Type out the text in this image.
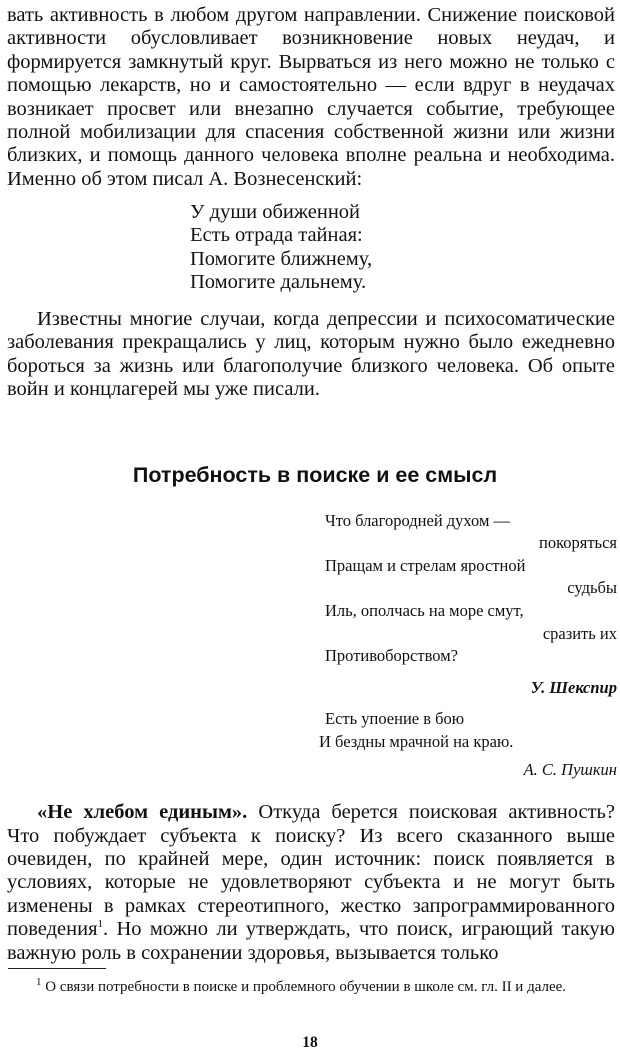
вать активность в любом другом направлении. Снижение поисковой активности обусловливает возникновение новых неудач, и формируется замкнутый круг. Вырваться из него можно не только с помощью лекарств, но и самостоятельно — если вдруг в неудачах возникает просвет или внезапно случается событие, требующее полной мобилизации для спасения собственной жизни или жизни близких, и помощь данного человека вполне реальна и необходима. Именно об этом писал А. Вознесенский:

У души обиженной
Есть отрада тайная:
Помогите ближнему,
Помогите дальнему.

Известны многие случаи, когда депрессии и психосоматические заболевания прекращались у лиц, которым нужно было ежедневно бороться за жизнь или благополучие близкого человека. Об опыте войн и концлагерей мы уже писали.

Потребность в поиске и ее смысл
Что благородней духом —
покоряться
Пращам и стрелам яростной
судьбы
Иль, ополчась на море смут,
сразить их
Противоборством?
У. Шекспир
Есть упоение в бою
И бездны мрачной на краю.
А. С. Пушкин

«Не хлебом единым». Откуда берется поисковая активность? Что побуждает субъекта к поиску? Из всего сказанного выше очевиден, по крайней мере, один источник: поиск появляется в условиях, которые не удовлетворяют субъекта и не могут быть изменены в рамках стереотипного, жестко запрограммированного поведения$^1$. Но можно ли утверждать, что поиск, играющий такую важную роль в сохранении здоровья, вызывается только

$^1$ О связи потребности в поиске и проблемного обучении в школе см. гл. II и далее.

18
